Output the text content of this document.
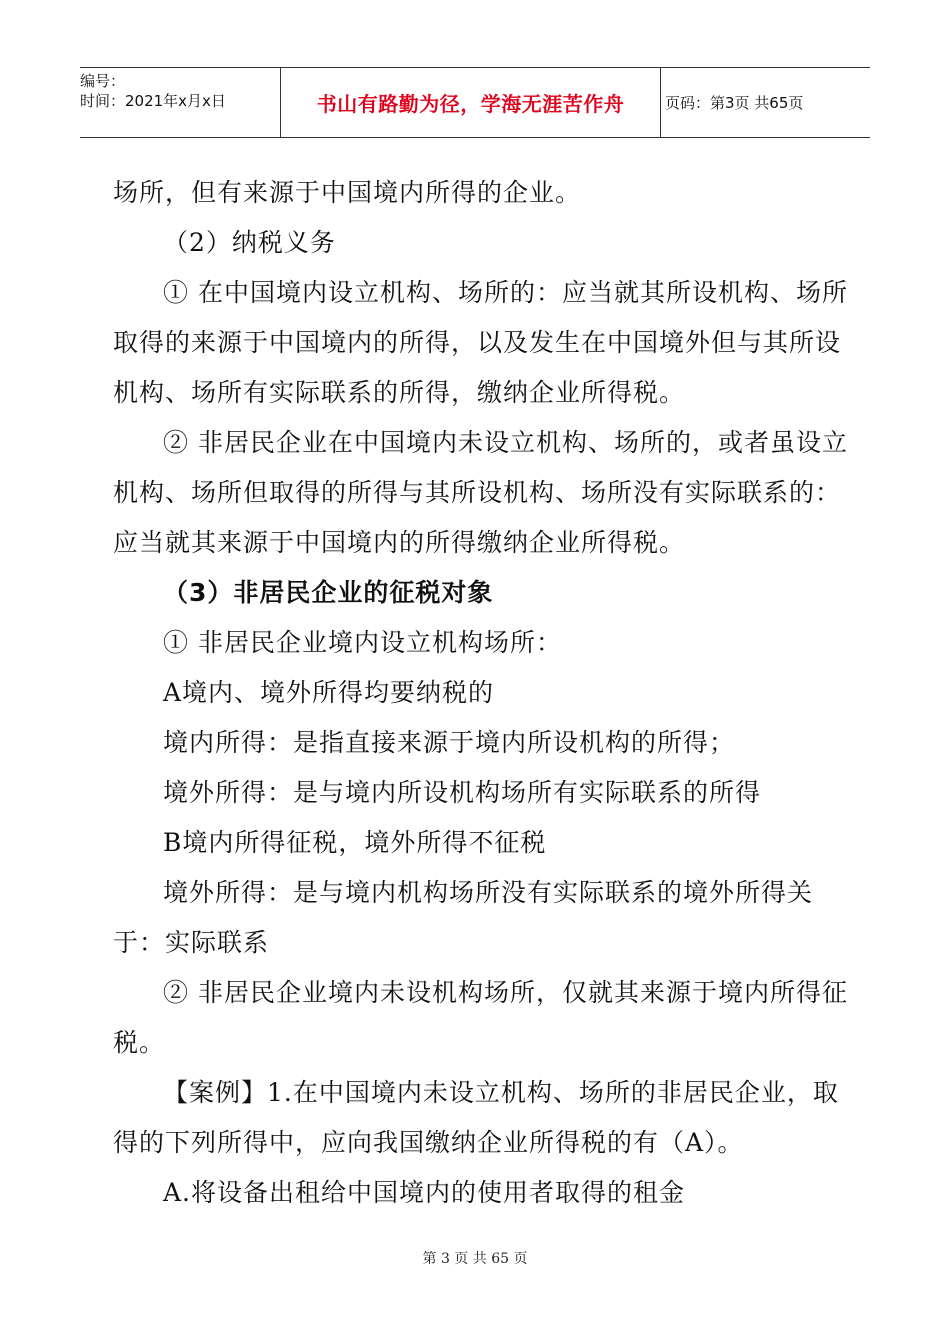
编号：
时间：2021年x月x日	书山有路勤为径，学海无涯苦作舟	页码：第3页 共65页
场所，但有来源于中国境内所得的企业。
（2）纳税义务
① 在中国境内设立机构、场所的：应当就其所设机构、场所
取得的来源于中国境内的所得，以及发生在中国境外但与其所设
机构、场所有实际联系的所得，缴纳企业所得税。
② 非居民企业在中国境内未设立机构、场所的，或者虽设立
机构、场所但取得的所得与其所设机构、场所没有实际联系的：
应当就其来源于中国境内的所得缴纳企业所得税。
（3）非居民企业的征税对象
① 非居民企业境内设立机构场所：
A境内、境外所得均要纳税的
境内所得：是指直接来源于境内所设机构的所得；
境外所得：是与境内所设机构场所有实际联系的所得
B境内所得征税，境外所得不征税
境外所得：是与境内机构场所没有实际联系的境外所得关
于：实际联系
② 非居民企业境内未设机构场所，仅就其来源于境内所得征
税。
【案例】1.在中国境内未设立机构、场所的非居民企业，取
得的下列所得中，应向我国缴纳企业所得税的有（A）。
A.将设备出租给中国境内的使用者取得的租金
第 3 页 共 65 页
